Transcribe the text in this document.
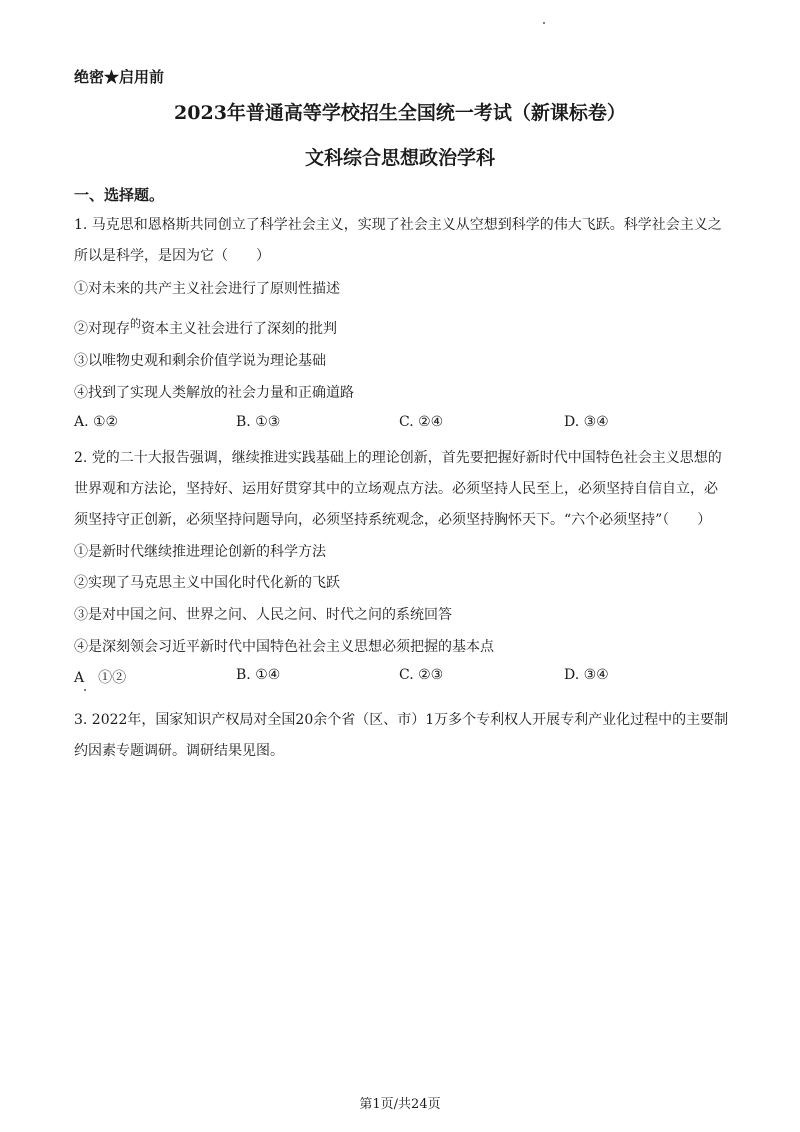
绝密★启用前
2023年普通高等学校招生全国统一考试（新课标卷）
文科综合思想政治学科
一、选择题。
1. 马克思和恩格斯共同创立了科学社会主义，实现了社会主义从空想到科学的伟大飞跃。科学社会主义之
所以是科学，是因为它（　　）
①对未来的共产主义社会进行了原则性描述
②对现存$^的$资本主义社会进行了深刻的批判
③以唯物史观和剩余价值学说为理论基础
④找到了实现人类解放的社会力量和正确道路
A. ①②	B. ①③	C. ②④	D. ③④
2. 党的二十大报告强调，继续推进实践基础上的理论创新，首先要把握好新时代中国特色社会主义思想的
世界观和方法论，坚持好、运用好贯穿其中的立场观点方法。必须坚持人民至上，必须坚持自信自立，必
须坚持守正创新，必须坚持问题导向，必须坚持系统观念，必须坚持胸怀天下。“六个必须坚持”（　　）
①是新时代继续推进理论创新的科学方法
②实现了马克思主义中国化时代化新的飞跃
③是对中国之问、世界之问、人民之问、时代之问的系统回答
④是深刻领会习近平新时代中国特色社会主义思想必须把握的基本点
A　①②	B. ①④	C. ②③	D. ③④
3. 2022年，国家知识产权局对全国20余个省（区、市）1万多个专利权人开展专利产业化过程中的主要制
约因素专题调研。调研结果见图。
第1页/共24页
